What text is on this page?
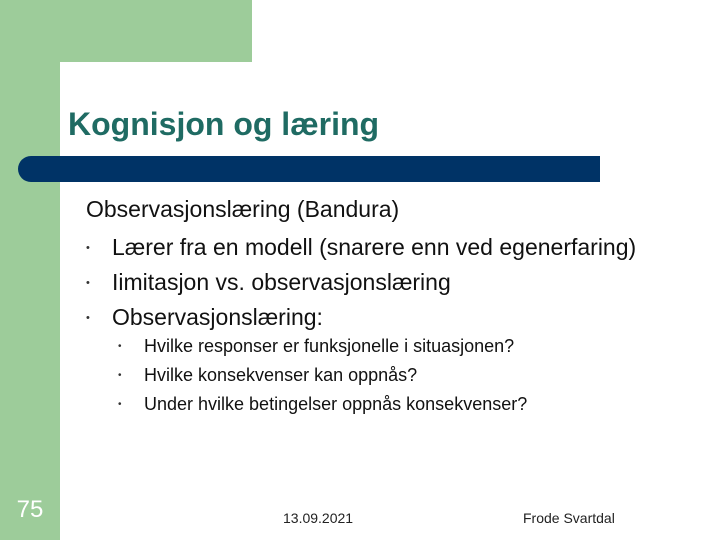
Kognisjon og læring
Observasjonslæring (Bandura)
• Lærer fra en modell (snarere enn ved egenerfaring)
• Iimitasjon vs. observasjonslæring
• Observasjonslæring:
•	Hvilke responser er funksjonelle i situasjonen?
•	Hvilke konsekvenser kan oppnås?
•	Under hvilke betingelser oppnås konsekvenser?
75	13.09.2021	Frode Svartdal
